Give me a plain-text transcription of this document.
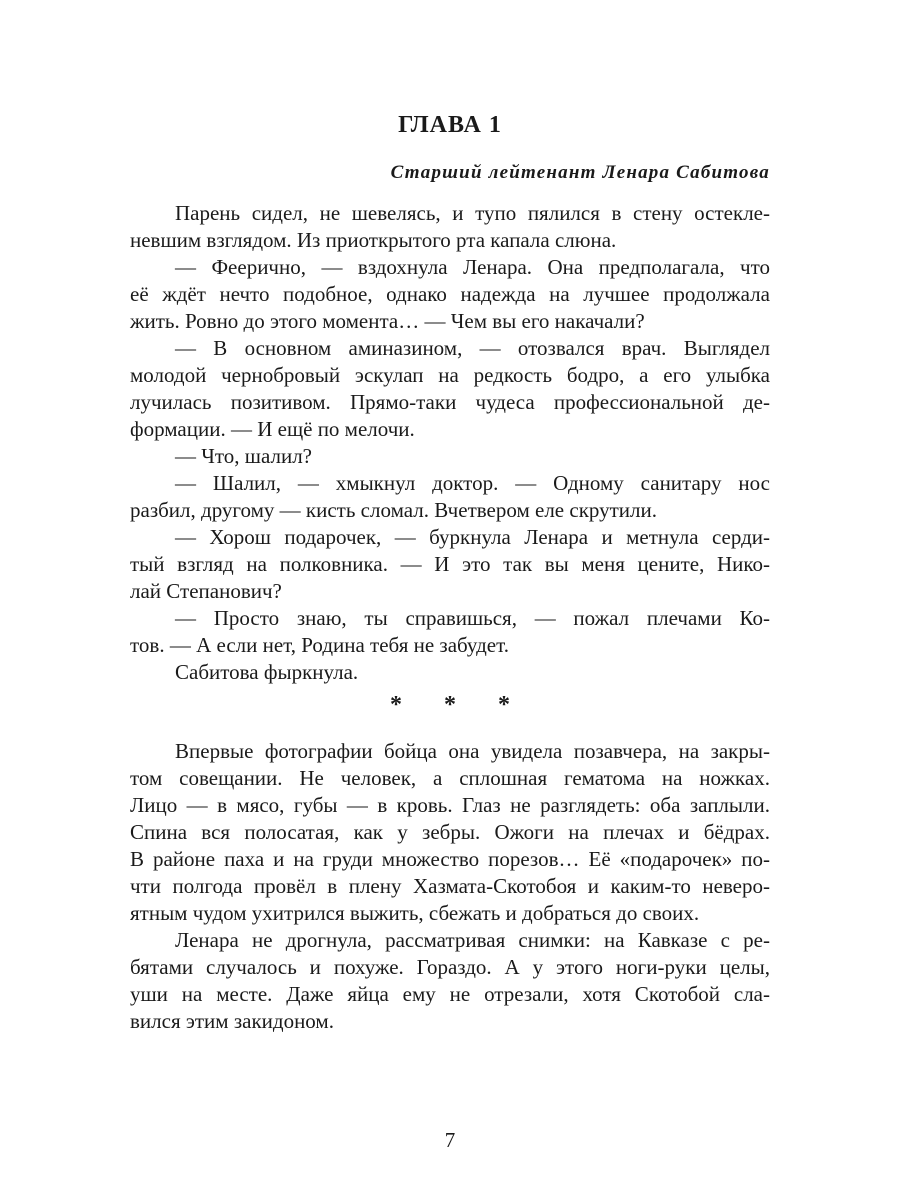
ГЛАВА 1
Старший лейтенант Ленара Сабитова
Парень сидел, не шевелясь, и тупо пялился в стену остекле-
невшим взглядом. Из приоткрытого рта капала слюна.
— Феерично, — вздохнула Ленара. Она предполагала, что
её ждёт нечто подобное, однако надежда на лучшее продолжала
жить. Ровно до этого момента… — Чем вы его накачали?
— В основном аминазином, — отозвался врач. Выглядел
молодой чернобровый эскулап на редкость бодро, а его улыбка
лучилась позитивом. Прямо-таки чудеса профессиональной де-
формации. — И ещё по мелочи.
— Что, шалил?
— Шалил, — хмыкнул доктор. — Одному санитару нос
разбил, другому — кисть сломал. Вчетвером еле скрутили.
— Хорош подарочек, — буркнула Ленара и метнула серди-
тый взгляд на полковника. — И это так вы меня цените, Нико-
лай Степанович?
— Просто знаю, ты справишься, — пожал плечами Ко-
тов. — А если нет, Родина тебя не забудет.
Сабитова фыркнула.
* * *
Впервые фотографии бойца она увидела позавчера, на закры-
том совещании. Не человек, а сплошная гематома на ножках.
Лицо — в мясо, губы — в кровь. Глаз не разглядеть: оба заплыли.
Спина вся полосатая, как у зебры. Ожоги на плечах и бёдрах.
В районе паха и на груди множество порезов… Её «подарочек» по-
чти полгода провёл в плену Хазмата-Скотобоя и каким-то неверо-
ятным чудом ухитрился выжить, сбежать и добраться до своих.
Ленара не дрогнула, рассматривая снимки: на Кавказе с ре-
бятами случалось и похуже. Гораздо. А у этого ноги-руки целы,
уши на месте. Даже яйца ему не отрезали, хотя Скотобой сла-
вился этим закидоном.
7
